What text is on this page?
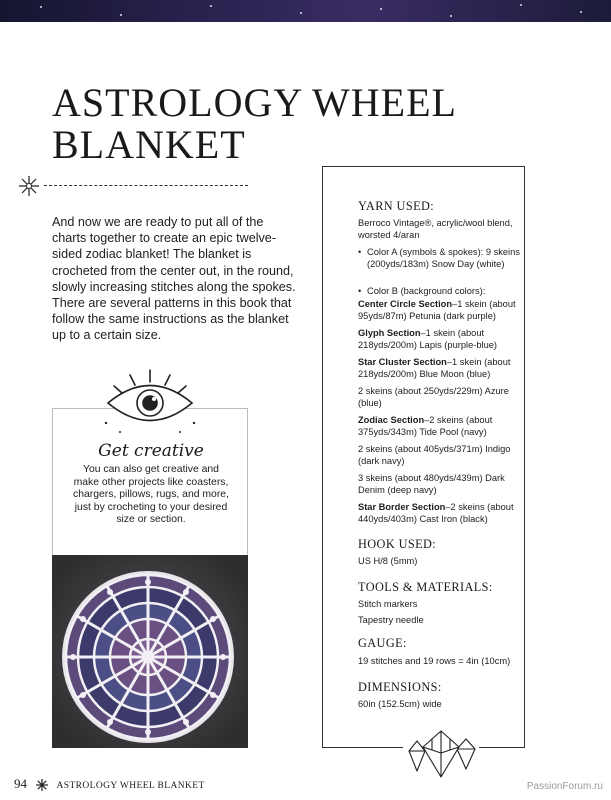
ASTROLOGY WHEEL
BLANKET

And now we are ready to put all of the charts together to create an epic twelve-sided zodiac blanket! The blanket is crocheted from the center out, in the round, slowly increasing stitches along the spokes. There are several patterns in this book that follow the same instructions as the blanket up to a certain size.

Get creative
You can also get creative and make other projects like coasters, chargers, pillows, rugs, and more, just by crocheting to your desired size or section.
YARN USED:
Berroco Vintage®, acrylic/wool blend, worsted 4/aran
• Color A (symbols & spokes): 9 skeins (200yds/183m) Snow Day (white)
• Color B (background colors):
Center Circle Section–1 skein (about 95yds/87m) Petunia (dark purple)
Glyph Section–1 skein (about 218yds/200m) Lapis (purple-blue)
Star Cluster Section–1 skein (about 218yds/200m) Blue Moon (blue)
2 skeins (about 250yds/229m) Azure (blue)
Zodiac Section–2 skeins (about 375yds/343m) Tide Pool (navy)
2 skeins (about 405yds/371m) Indigo (dark navy)
3 skeins (about 480yds/439m) Dark Denim (deep navy)
Star Border Section–2 skeins (about 440yds/403m) Cast Iron (black)
HOOK USED:
US H/8 (5mm)
TOOLS & MATERIALS:
Stitch markers
Tapestry needle
GAUGE:
19 stitches and 19 rows = 4in (10cm)
DIMENSIONS:
60in (152.5cm) wide
94	ASTROLOGY WHEEL BLANKET	PassionForum.ru
